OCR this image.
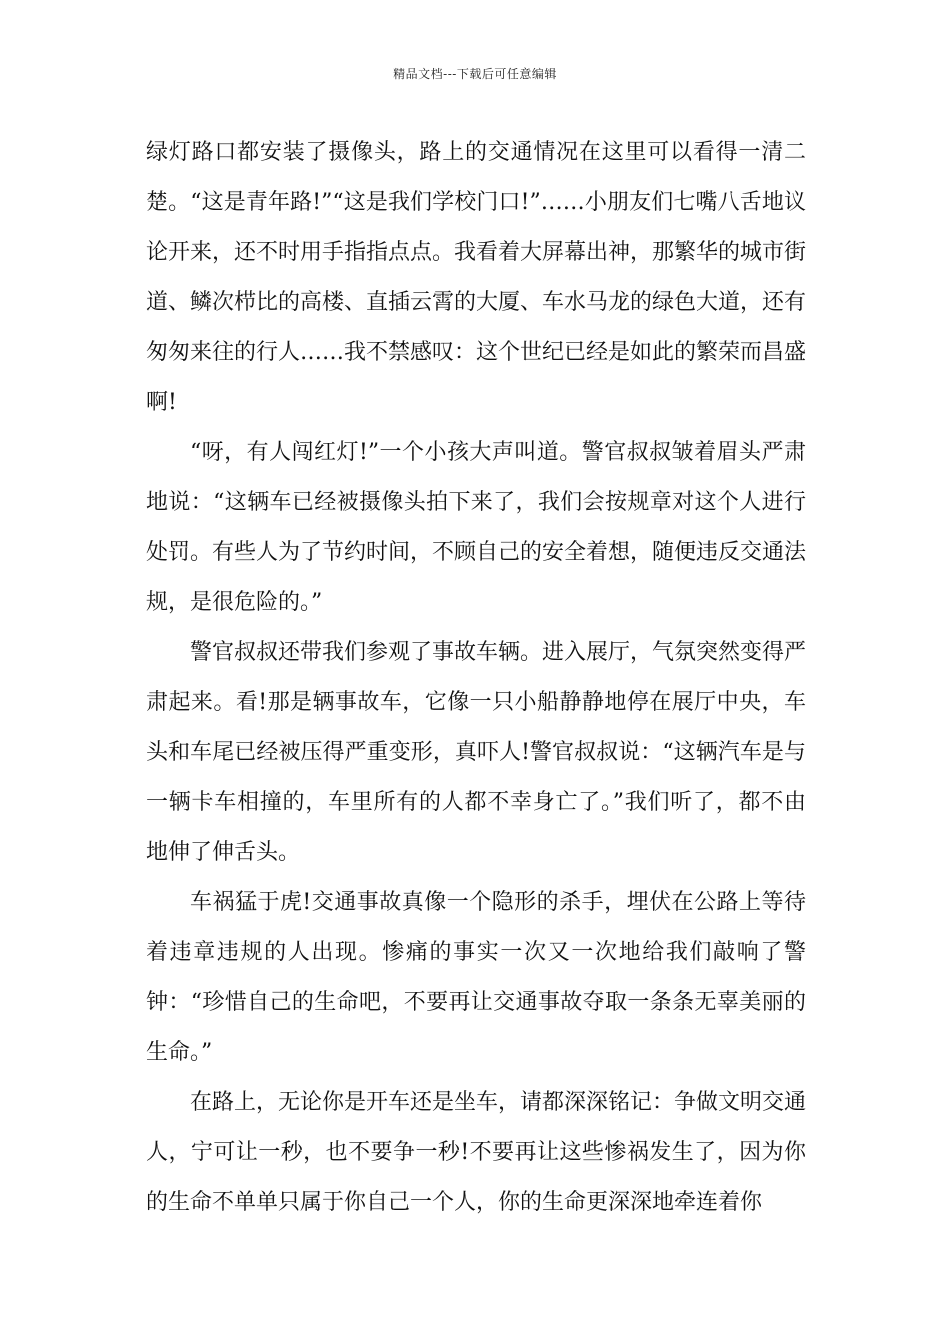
精品文档---下载后可任意编辑

绿灯路口都安装了摄像头，路上的交通情况在这里可以看得一清二楚。“这是青年路!”“这是我们学校门口!”……小朋友们七嘴八舌地议论开来，还不时用手指指点点。我看着大屏幕出神，那繁华的城市街道、鳞次栉比的高楼、直插云霄的大厦、车水马龙的绿色大道，还有匆匆来往的行人……我不禁感叹：这个世纪已经是如此的繁荣而昌盛啊!

“呀，有人闯红灯!”一个小孩大声叫道。警官叔叔皱着眉头严肃地说：“这辆车已经被摄像头拍下来了，我们会按规章对这个人进行处罚。有些人为了节约时间，不顾自己的安全着想，随便违反交通法规，是很危险的。”

警官叔叔还带我们参观了事故车辆。进入展厅，气氛突然变得严肃起来。看!那是辆事故车，它像一只小船静静地停在展厅中央，车头和车尾已经被压得严重变形，真吓人!警官叔叔说：“这辆汽车是与一辆卡车相撞的，车里所有的人都不幸身亡了。”我们听了，都不由地伸了伸舌头。

车祸猛于虎!交通事故真像一个隐形的杀手，埋伏在公路上等待着违章违规的人出现。惨痛的事实一次又一次地给我们敲响了警钟：“珍惜自己的生命吧，不要再让交通事故夺取一条条无辜美丽的生命。”

在路上，无论你是开车还是坐车，请都深深铭记：争做文明交通人，宁可让一秒，也不要争一秒!不要再让这些惨祸发生了，因为你的生命不单单只属于你自己一个人，你的生命更深深地牵连着你
